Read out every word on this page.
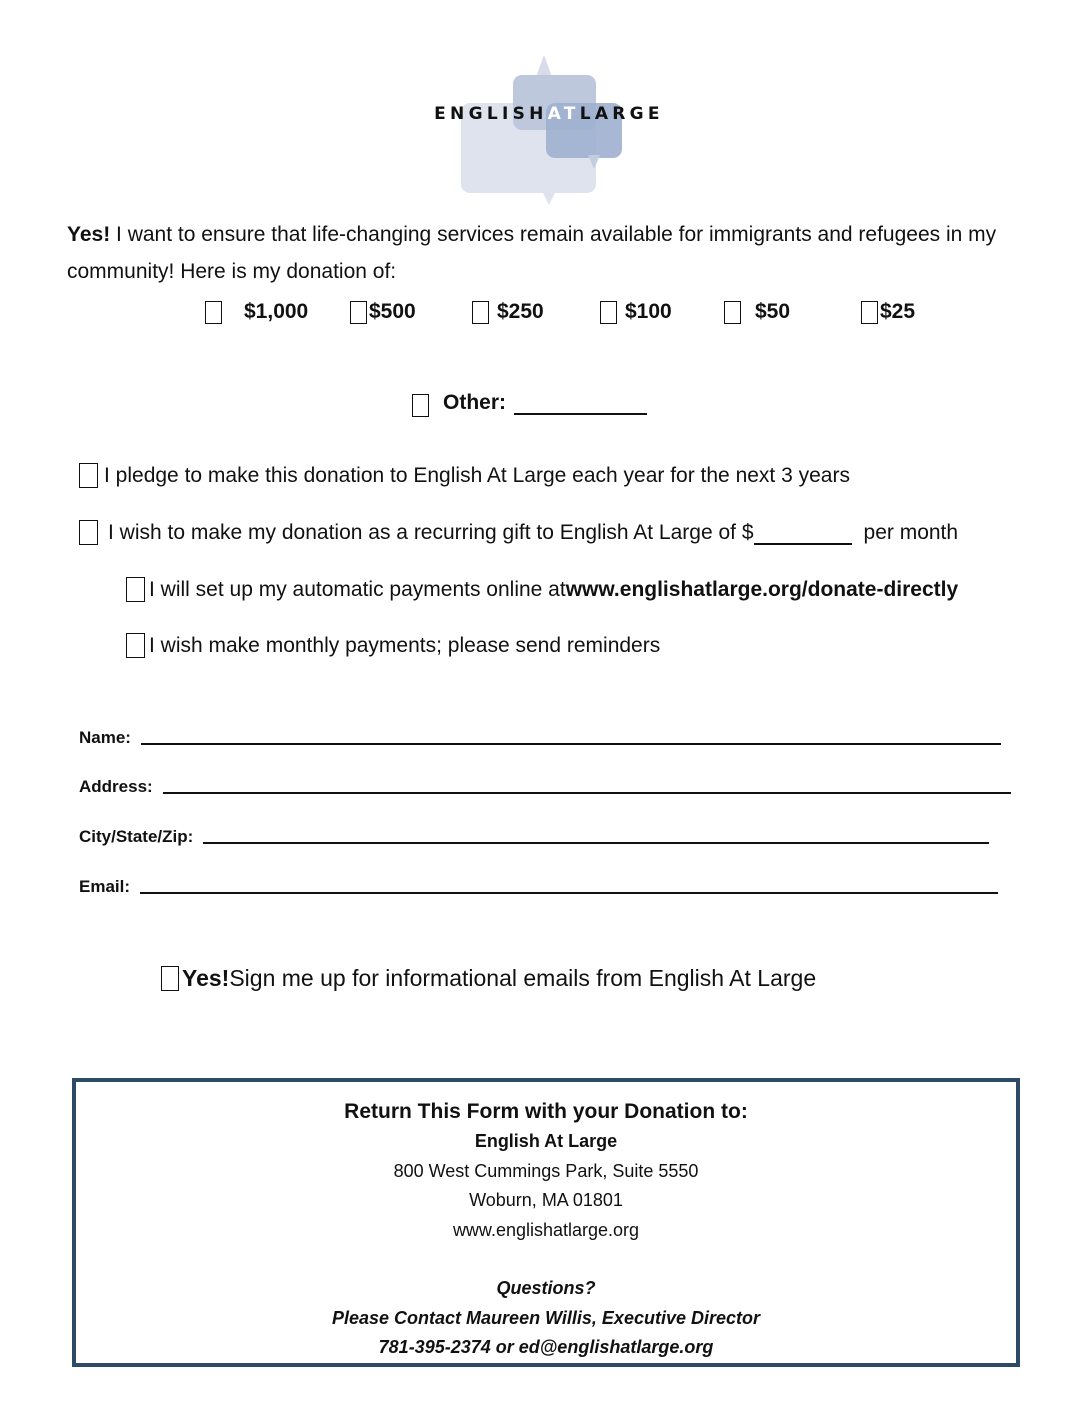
ENGLISHATLARGE
Yes! I want to ensure that life-changing services remain available for immigrants and refugees in my community! Here is my donation of:
$1,000	$500	$250	$100	$50	$25
Other:
I pledge to make this donation to English At Large each year for the next 3 years
I wish to make my donation as a recurring gift to English At Large of $	per month
I will set up my automatic payments online at www.englishatlarge.org/donate-directly
I wish make monthly payments; please send reminders
Name:
Address:
City/State/Zip:
Email:
Yes! Sign me up for informational emails from English At Large
Return This Form with your Donation to:
English At Large
800 West Cummings Park, Suite 5550
Woburn, MA 01801
www.englishatlarge.org
Questions?
Please Contact Maureen Willis, Executive Director
781-395-2374 or ed@englishatlarge.org
